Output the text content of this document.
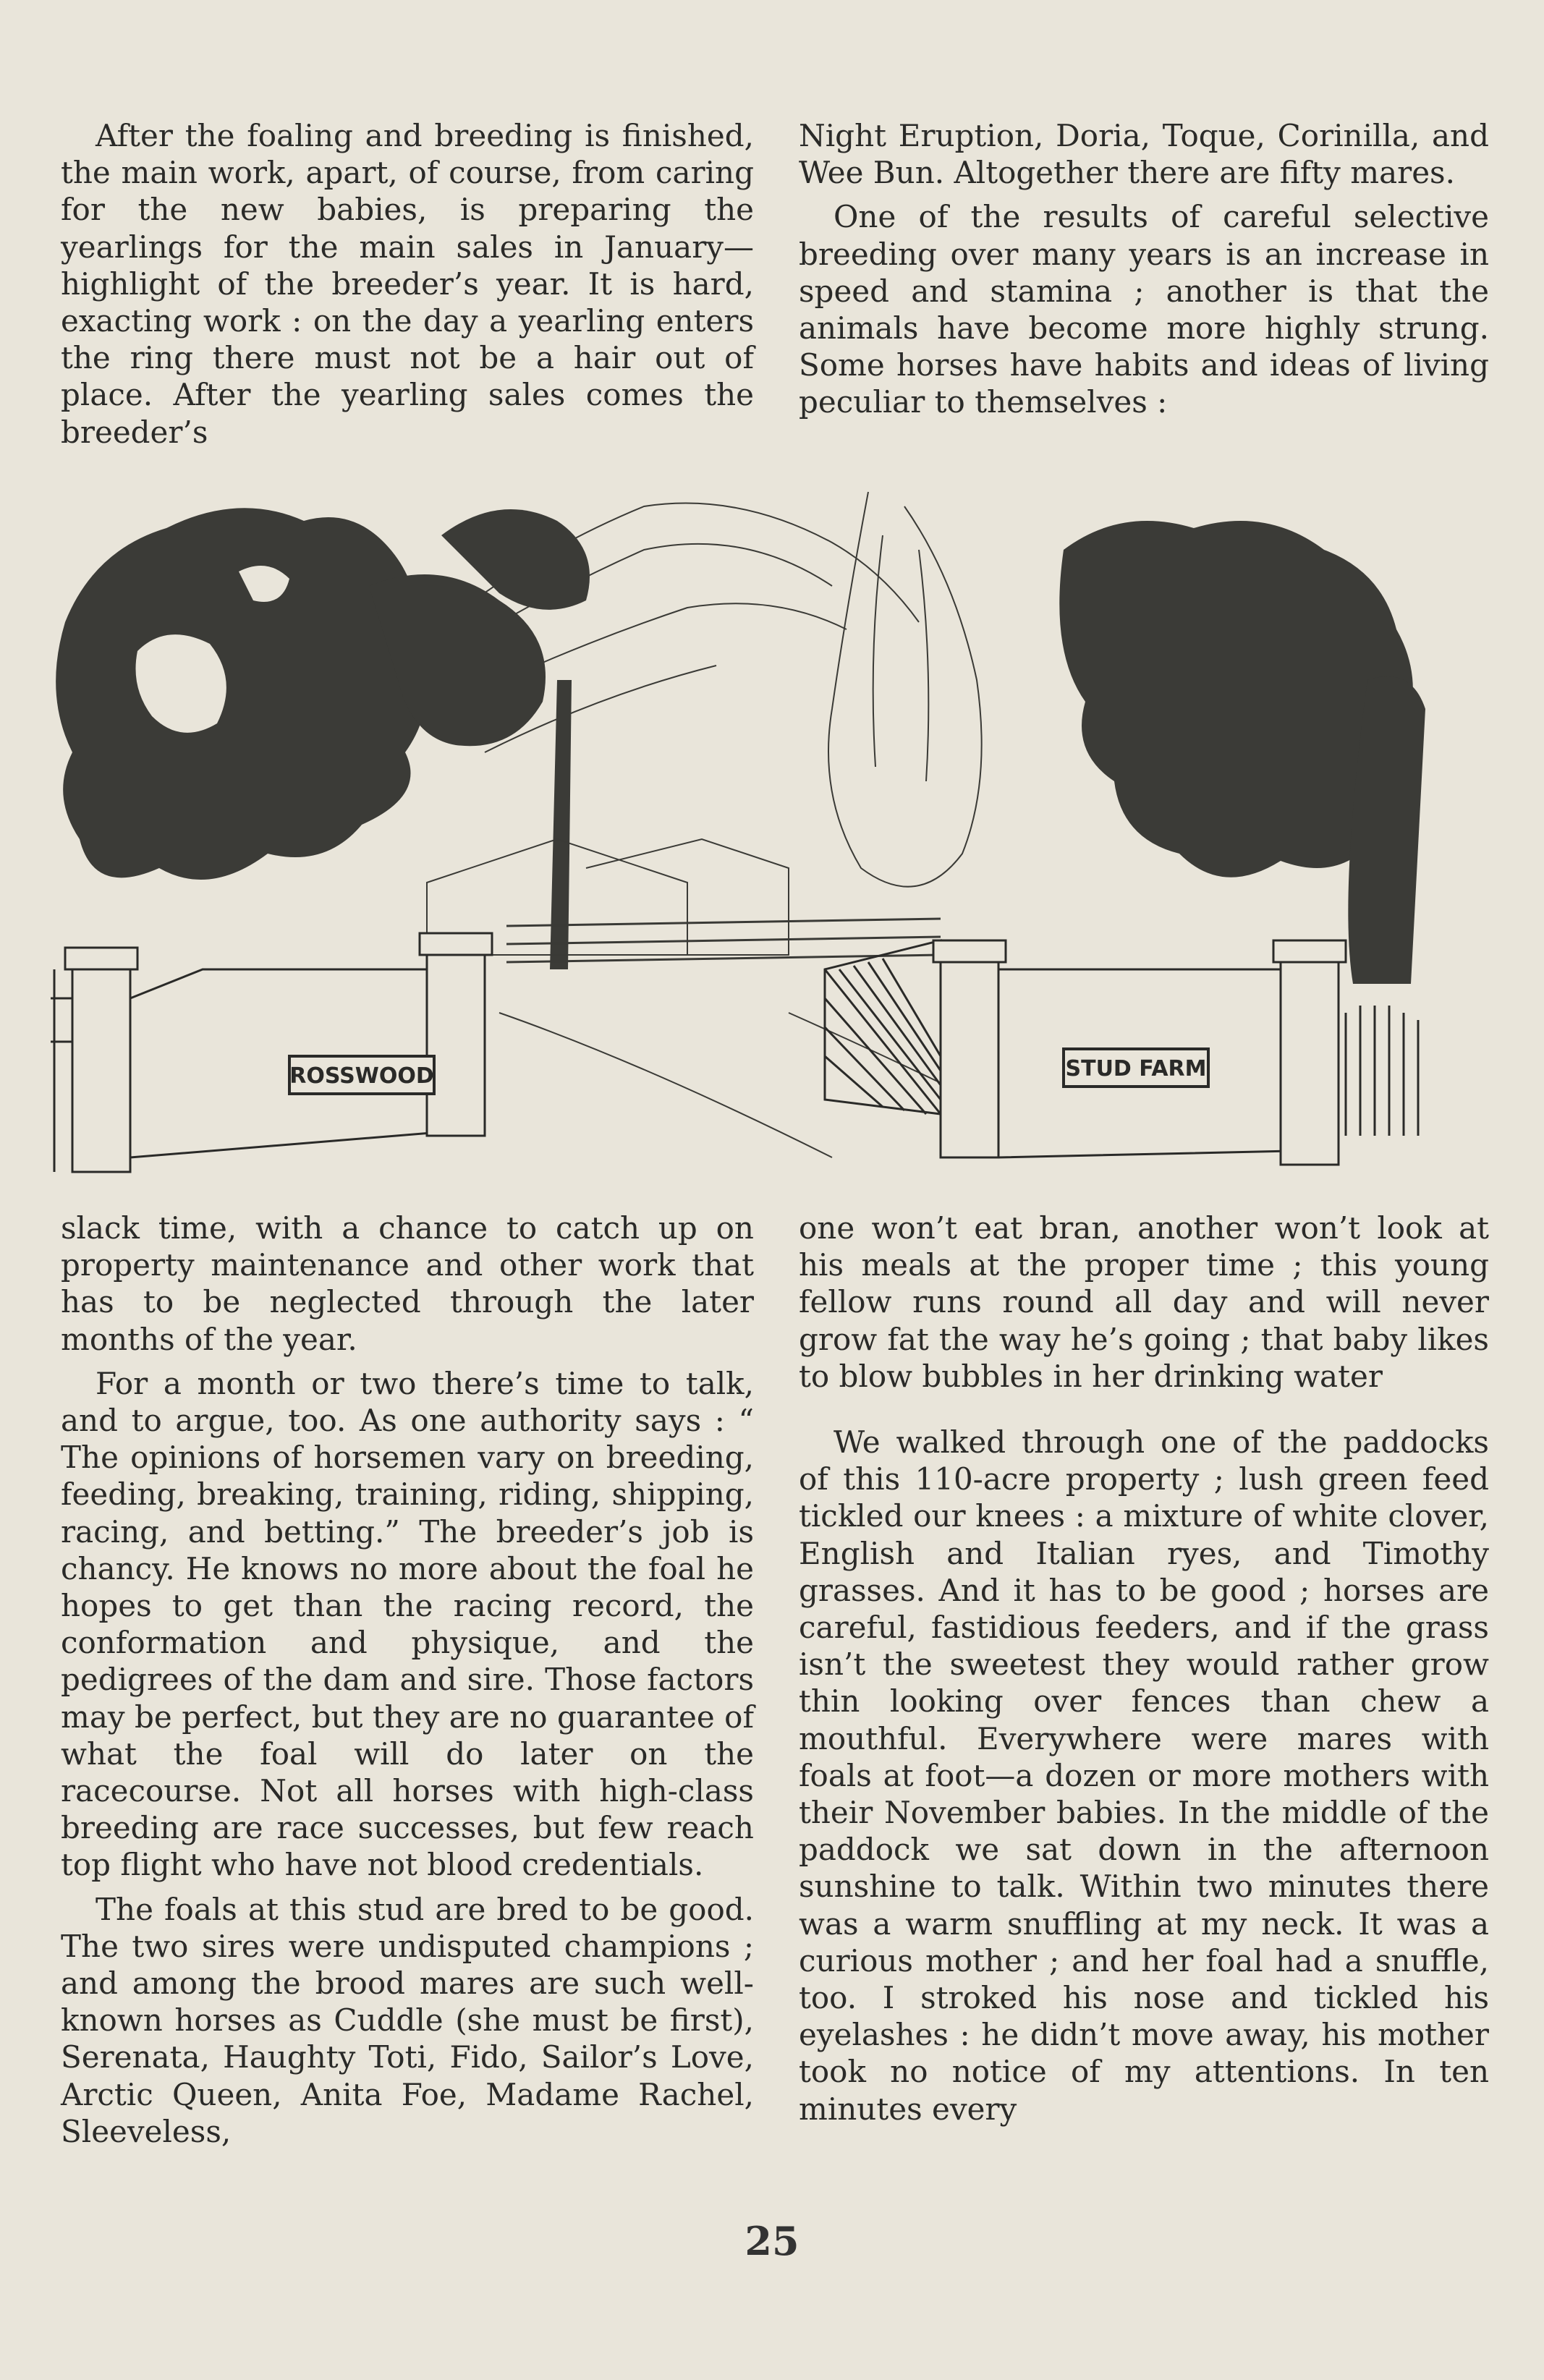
After the foaling and breeding is finished, the main work, apart, of course, from caring for the new babies, is preparing the yearlings for the main sales in January—highlight of the breeder’s year. It is hard, exacting work : on the day a yearling enters the ring there must not be a hair out of place. After the yearling sales comes the breeder’s

Night Eruption, Doria, Toque, Corinilla, and Wee Bun. Altogether there are fifty mares.

One of the results of careful selective breeding over many years is an increase in speed and stamina ; another is that the animals have become more highly strung. Some horses have habits and ideas of living peculiar to themselves :

ROSSWOOD	STUD FARM

slack time, with a chance to catch up on property maintenance and other work that has to be neglected through the later months of the year.

For a month or two there’s time to talk, and to argue, too. As one authority says : “ The opinions of horsemen vary on breeding, feeding, breaking, training, riding, shipping, racing, and betting.” The breeder’s job is chancy. He knows no more about the foal he hopes to get than the racing record, the conformation and physique, and the pedigrees of the dam and sire. Those factors may be perfect, but they are no guarantee of what the foal will do later on the racecourse. Not all horses with high-class breeding are race successes, but few reach top flight who have not blood credentials.

The foals at this stud are bred to be good. The two sires were undisputed champions ; and among the brood mares are such well-known horses as Cuddle (she must be first), Serenata, Haughty Toti, Fido, Sailor’s Love, Arctic Queen, Anita Foe, Madame Rachel, Sleeveless,

one won’t eat bran, another won’t look at his meals at the proper time ; this young fellow runs round all day and will never grow fat the way he’s going ; that baby likes to blow bubbles in her drinking water

We walked through one of the paddocks of this 110-acre property ; lush green feed tickled our knees : a mixture of white clover, English and Italian ryes, and Timothy grasses. And it has to be good ; horses are careful, fastidious feeders, and if the grass isn’t the sweetest they would rather grow thin looking over fences than chew a mouthful. Everywhere were mares with foals at foot—a dozen or more mothers with their November babies. In the middle of the paddock we sat down in the afternoon sunshine to talk. Within two minutes there was a warm snuffling at my neck. It was a curious mother ; and her foal had a snuffle, too. I stroked his nose and tickled his eyelashes : he didn’t move away, his mother took no notice of my attentions. In ten minutes every

25
